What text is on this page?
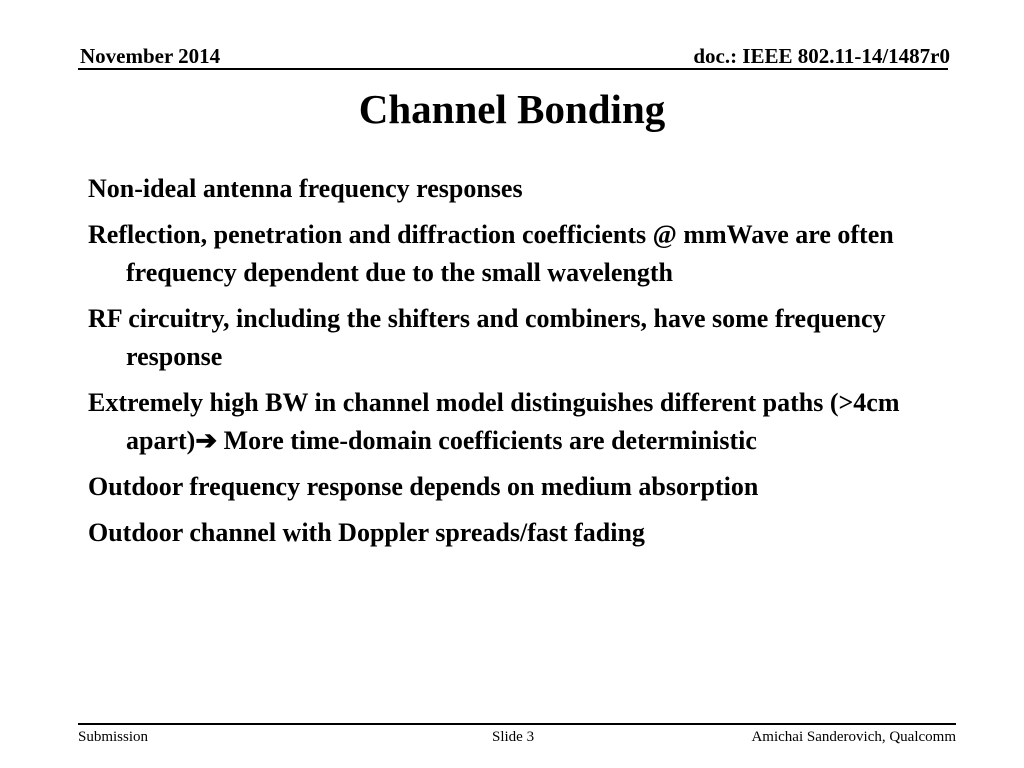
November 2014	doc.: IEEE 802.11-14/1487r0
Channel Bonding
Non-ideal antenna frequency responses
Reflection, penetration and diffraction coefficients @ mmWave are often frequency dependent due to the small wavelength
RF circuitry, including the shifters and combiners, have some frequency response
Extremely high BW in channel model distinguishes different paths (>4cm apart)➔ More time-domain coefficients are deterministic
Outdoor frequency response depends on medium absorption
Outdoor channel with Doppler spreads/fast fading
Submission	Slide 3	Amichai Sanderovich, Qualcomm
